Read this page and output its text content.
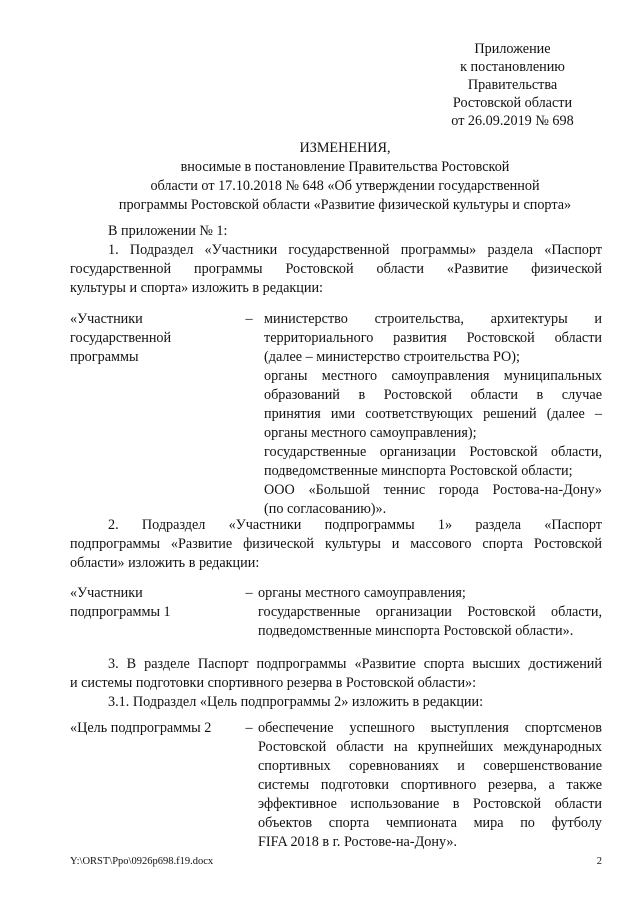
Приложение
к постановлению
Правительства
Ростовской области
от 26.09.2019 № 698
ИЗМЕНЕНИЯ,
вносимые в постановление Правительства Ростовской
области от 17.10.2018 № 648 «Об утверждении государственной
программы Ростовской области «Развитие физической культуры и спорта»
В приложении № 1:
1. Подраздел «Участники государственной программы» раздела «Паспорт
государственной программы Ростовской области «Развитие физической
культуры и спорта» изложить в редакции:
«Участники
государственной
программы
– министерство строительства, архитектуры и
территориального развития Ростовской области
(далее – министерство строительства РО);
органы местного самоуправления муниципальных
образований в Ростовской области в случае
принятия ими соответствующих решений (далее –
органы местного самоуправления);
государственные организации Ростовской области,
подведомственные минспорта Ростовской области;
ООО «Большой теннис города Ростова-на-Дону»
(по согласованию)».
2. Подраздел «Участники подпрограммы 1» раздела «Паспорт
подпрограммы «Развитие физической культуры и массового спорта Ростовской
области» изложить в редакции:
«Участники
подпрограммы 1
– органы местного самоуправления;
государственные организации Ростовской области,
подведомственные минспорта Ростовской области».
3. В разделе Паспорт подпрограммы «Развитие спорта высших достижений
и системы подготовки спортивного резерва в Ростовской области»:
3.1. Подраздел «Цель подпрограммы 2» изложить в редакции:
«Цель подпрограммы 2	– обеспечение успешного выступления спортсменов
Ростовской области на крупнейших международных
спортивных соревнованиях и совершенствование
системы подготовки спортивного резерва, а также
эффективное использование в Ростовской области
объектов спорта чемпионата мира по футболу
FIFA 2018 в г. Ростове-на-Дону».
Y:\ORST\Ppo\0926p698.f19.docx	2
